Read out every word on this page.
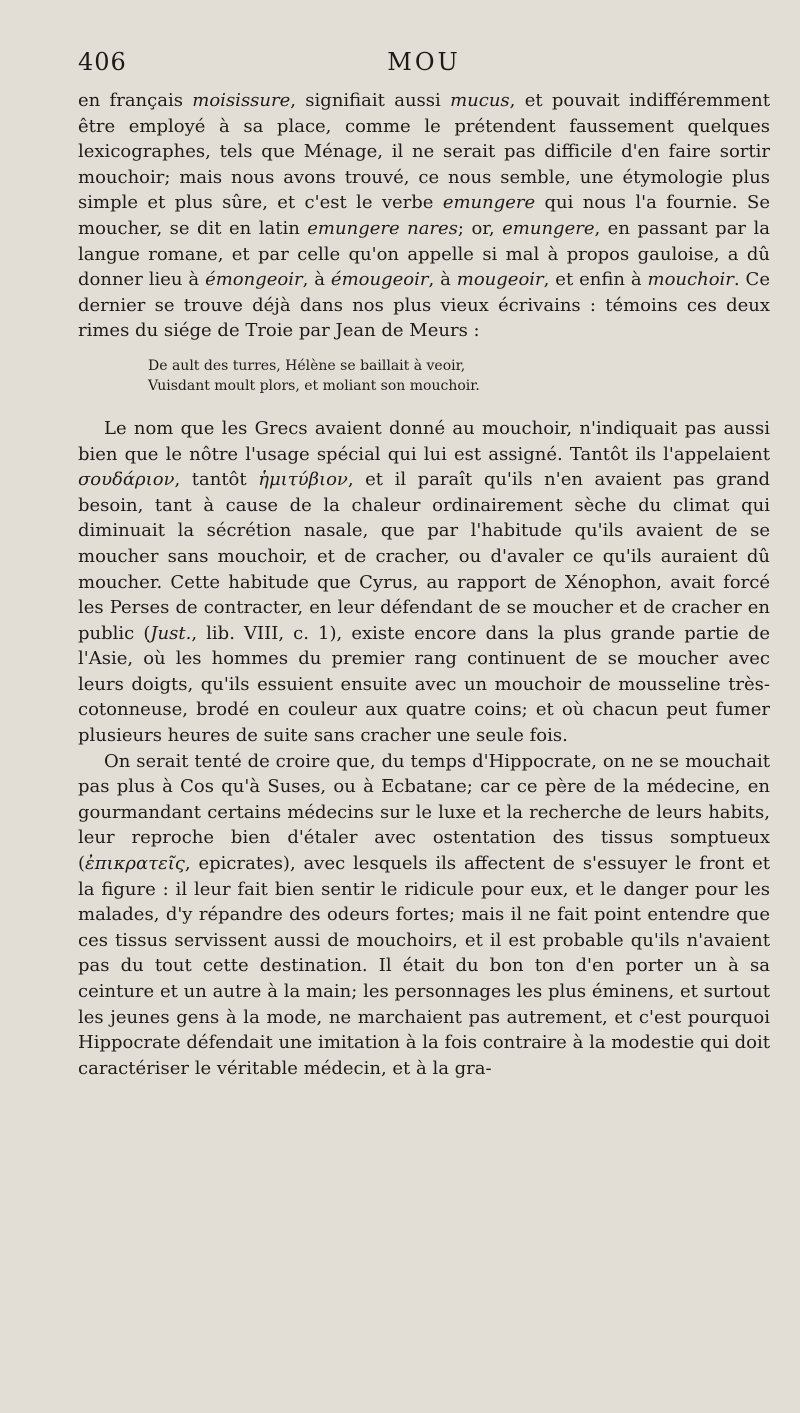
406	MOU

en français moisissure, signifiait aussi mucus, et pouvait indifféremment être employé à sa place, comme le prétendent faussement quelques lexicographes, tels que Ménage, il ne serait pas difficile d'en faire sortir mouchoir; mais nous avons trouvé, ce nous semble, une étymologie plus simple et plus sûre, et c'est le verbe emungere qui nous l'a fournie. Se moucher, se dit en latin emungere nares; or, emungere, en passant par la langue romane, et par celle qu'on appelle si mal à propos gauloise, a dû donner lieu à émongeoir, à émougeoir, à mougeoir, et enfin à mouchoir. Ce dernier se trouve déjà dans nos plus vieux écrivains : témoins ces deux rimes du siége de Troie par Jean de Meurs :

De ault des turres, Hélène se baillait à veoir,
Vuisdant moult plors, et moliant son mouchoir.

Le nom que les Grecs avaient donné au mouchoir, n'indiquait pas aussi bien que le nôtre l'usage spécial qui lui est assigné. Tantôt ils l'appelaient σουδάριον, tantôt ἡμιτύβιον, et il paraît qu'ils n'en avaient pas grand besoin, tant à cause de la chaleur ordinairement sèche du climat qui diminuait la sécrétion nasale, que par l'habitude qu'ils avaient de se moucher sans mouchoir, et de cracher, ou d'avaler ce qu'ils auraient dû moucher. Cette habitude que Cyrus, au rapport de Xénophon, avait forcé les Perses de contracter, en leur défendant de se moucher et de cracher en public (Just., lib. VIII, c. 1), existe encore dans la plus grande partie de l'Asie, où les hommes du premier rang continuent de se moucher avec leurs doigts, qu'ils essuient ensuite avec un mouchoir de mousseline très-cotonneuse, brodé en couleur aux quatre coins; et où chacun peut fumer plusieurs heures de suite sans cracher une seule fois.

On serait tenté de croire que, du temps d'Hippocrate, on ne se mouchait pas plus à Cos qu'à Suses, ou à Ecbatane; car ce père de la médecine, en gourmandant certains médecins sur le luxe et la recherche de leurs habits, leur reproche bien d'étaler avec ostentation des tissus somptueux (ἐπικρατεῖς, epicrates), avec lesquels ils affectent de s'essuyer le front et la figure : il leur fait bien sentir le ridicule pour eux, et le danger pour les malades, d'y répandre des odeurs fortes; mais il ne fait point entendre que ces tissus servissent aussi de mouchoirs, et il est probable qu'ils n'avaient pas du tout cette destination. Il était du bon ton d'en porter un à sa ceinture et un autre à la main; les personnages les plus éminens, et surtout les jeunes gens à la mode, ne marchaient pas autrement, et c'est pourquoi Hippocrate défendait une imitation à la fois contraire à la modestie qui doit caractériser le véritable médecin, et à la gra-
